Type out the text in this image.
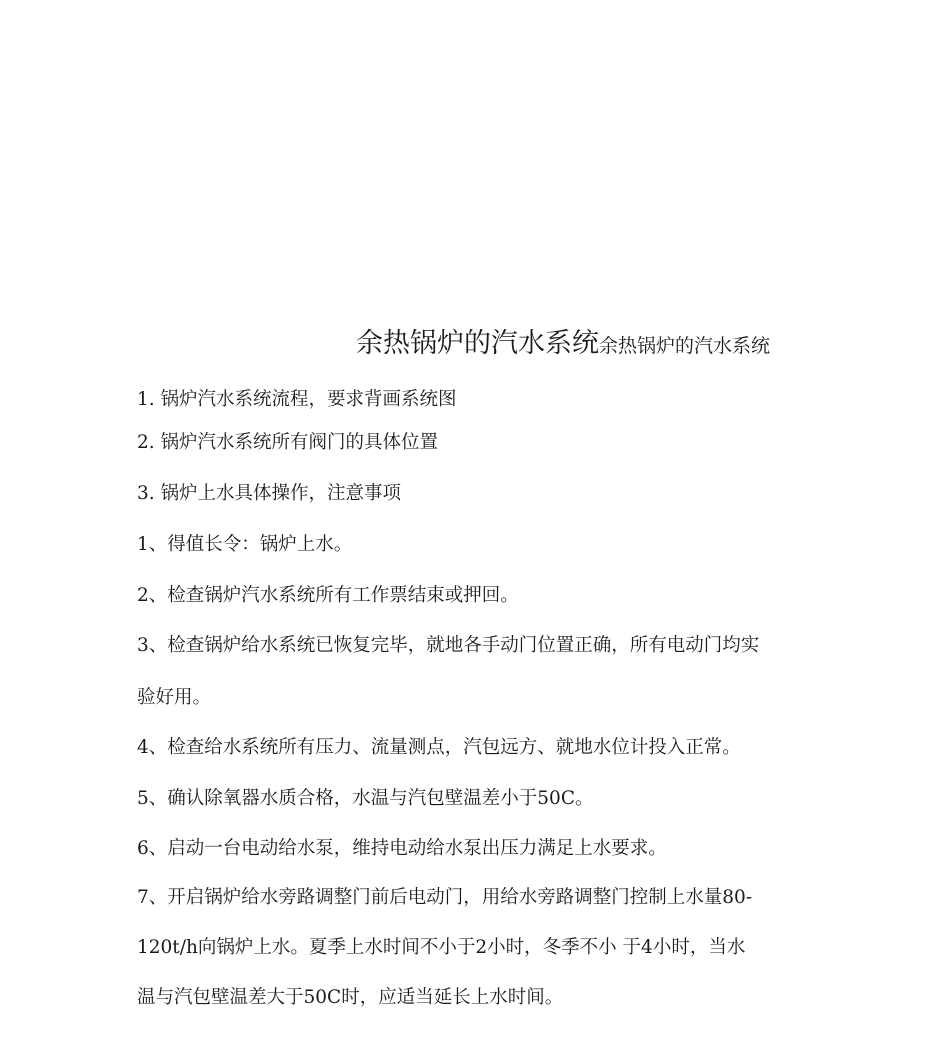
余热锅炉的汽水系统余热锅炉的汽水系统
1. 锅炉汽水系统流程，要求背画系统图
2. 锅炉汽水系统所有阀门的具体位置
3. 锅炉上水具体操作，注意事项
1、得值长令：锅炉上水。
2、检查锅炉汽水系统所有工作票结束或押回。
3、检查锅炉给水系统已恢复完毕，就地各手动门位置正确，所有电动门均实
验好用。
4、检查给水系统所有压力、流量测点，汽包远方、就地水位计投入正常。
5、确认除氧器水质合格，水温与汽包壁温差小于50C。
6、启动一台电动给水泵，维持电动给水泵出压力满足上水要求。
7、开启锅炉给水旁路调整门前后电动门，用给水旁路调整门控制上水量80-
120t/h向锅炉上水。夏季上水时间不小于2小时，冬季不小 于4小时，当水
温与汽包壁温差大于50C时，应适当延长上水时间。
